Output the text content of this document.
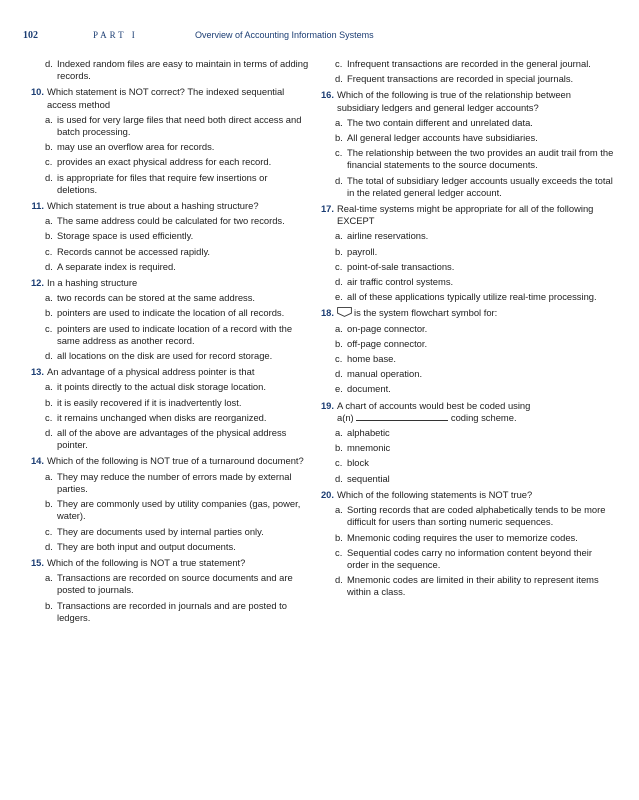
102	PART I	Overview of Accounting Information Systems
d. Indexed random files are easy to maintain in terms of adding records.
10. Which statement is NOT correct? The indexed sequential access method
a. is used for very large files that need both direct access and batch processing.
b. may use an overflow area for records.
c. provides an exact physical address for each record.
d. is appropriate for files that require few insertions or deletions.
11. Which statement is true about a hashing structure?
a. The same address could be calculated for two records.
b. Storage space is used efficiently.
c. Records cannot be accessed rapidly.
d. A separate index is required.
12. In a hashing structure
a. two records can be stored at the same address.
b. pointers are used to indicate the location of all records.
c. pointers are used to indicate location of a record with the same address as another record.
d. all locations on the disk are used for record storage.
13. An advantage of a physical address pointer is that
a. it points directly to the actual disk storage location.
b. it is easily recovered if it is inadvertently lost.
c. it remains unchanged when disks are reorganized.
d. all of the above are advantages of the physical address pointer.
14. Which of the following is NOT true of a turnaround document?
a. They may reduce the number of errors made by external parties.
b. They are commonly used by utility companies (gas, power, water).
c. They are documents used by internal parties only.
d. They are both input and output documents.
15. Which of the following is NOT a true statement?
a. Transactions are recorded on source documents and are posted to journals.
b. Transactions are recorded in journals and are posted to ledgers.
c. Infrequent transactions are recorded in the general journal.
d. Frequent transactions are recorded in special journals.
16. Which of the following is true of the relationship between subsidiary ledgers and general ledger accounts?
a. The two contain different and unrelated data.
b. All general ledger accounts have subsidiaries.
c. The relationship between the two provides an audit trail from the financial statements to the source documents.
d. The total of subsidiary ledger accounts usually exceeds the total in the related general ledger account.
17. Real-time systems might be appropriate for all of the following EXCEPT
a. airline reservations.
b. payroll.
c. point-of-sale transactions.
d. air traffic control systems.
e. all of these applications typically utilize real-time processing.
18. is the system flowchart symbol for:
a. on-page connector.
b. off-page connector.
c. home base.
d. manual operation.
e. document.
19. A chart of accounts would best be coded using
a(n)	coding scheme.
a. alphabetic
b. mnemonic
c. block
d. sequential
20. Which of the following statements is NOT true?
a. Sorting records that are coded alphabetically tends to be more difficult for users than sorting numeric sequences.
b. Mnemonic coding requires the user to memorize codes.
c. Sequential codes carry no information content beyond their order in the sequence.
d. Mnemonic codes are limited in their ability to represent items within a class.
